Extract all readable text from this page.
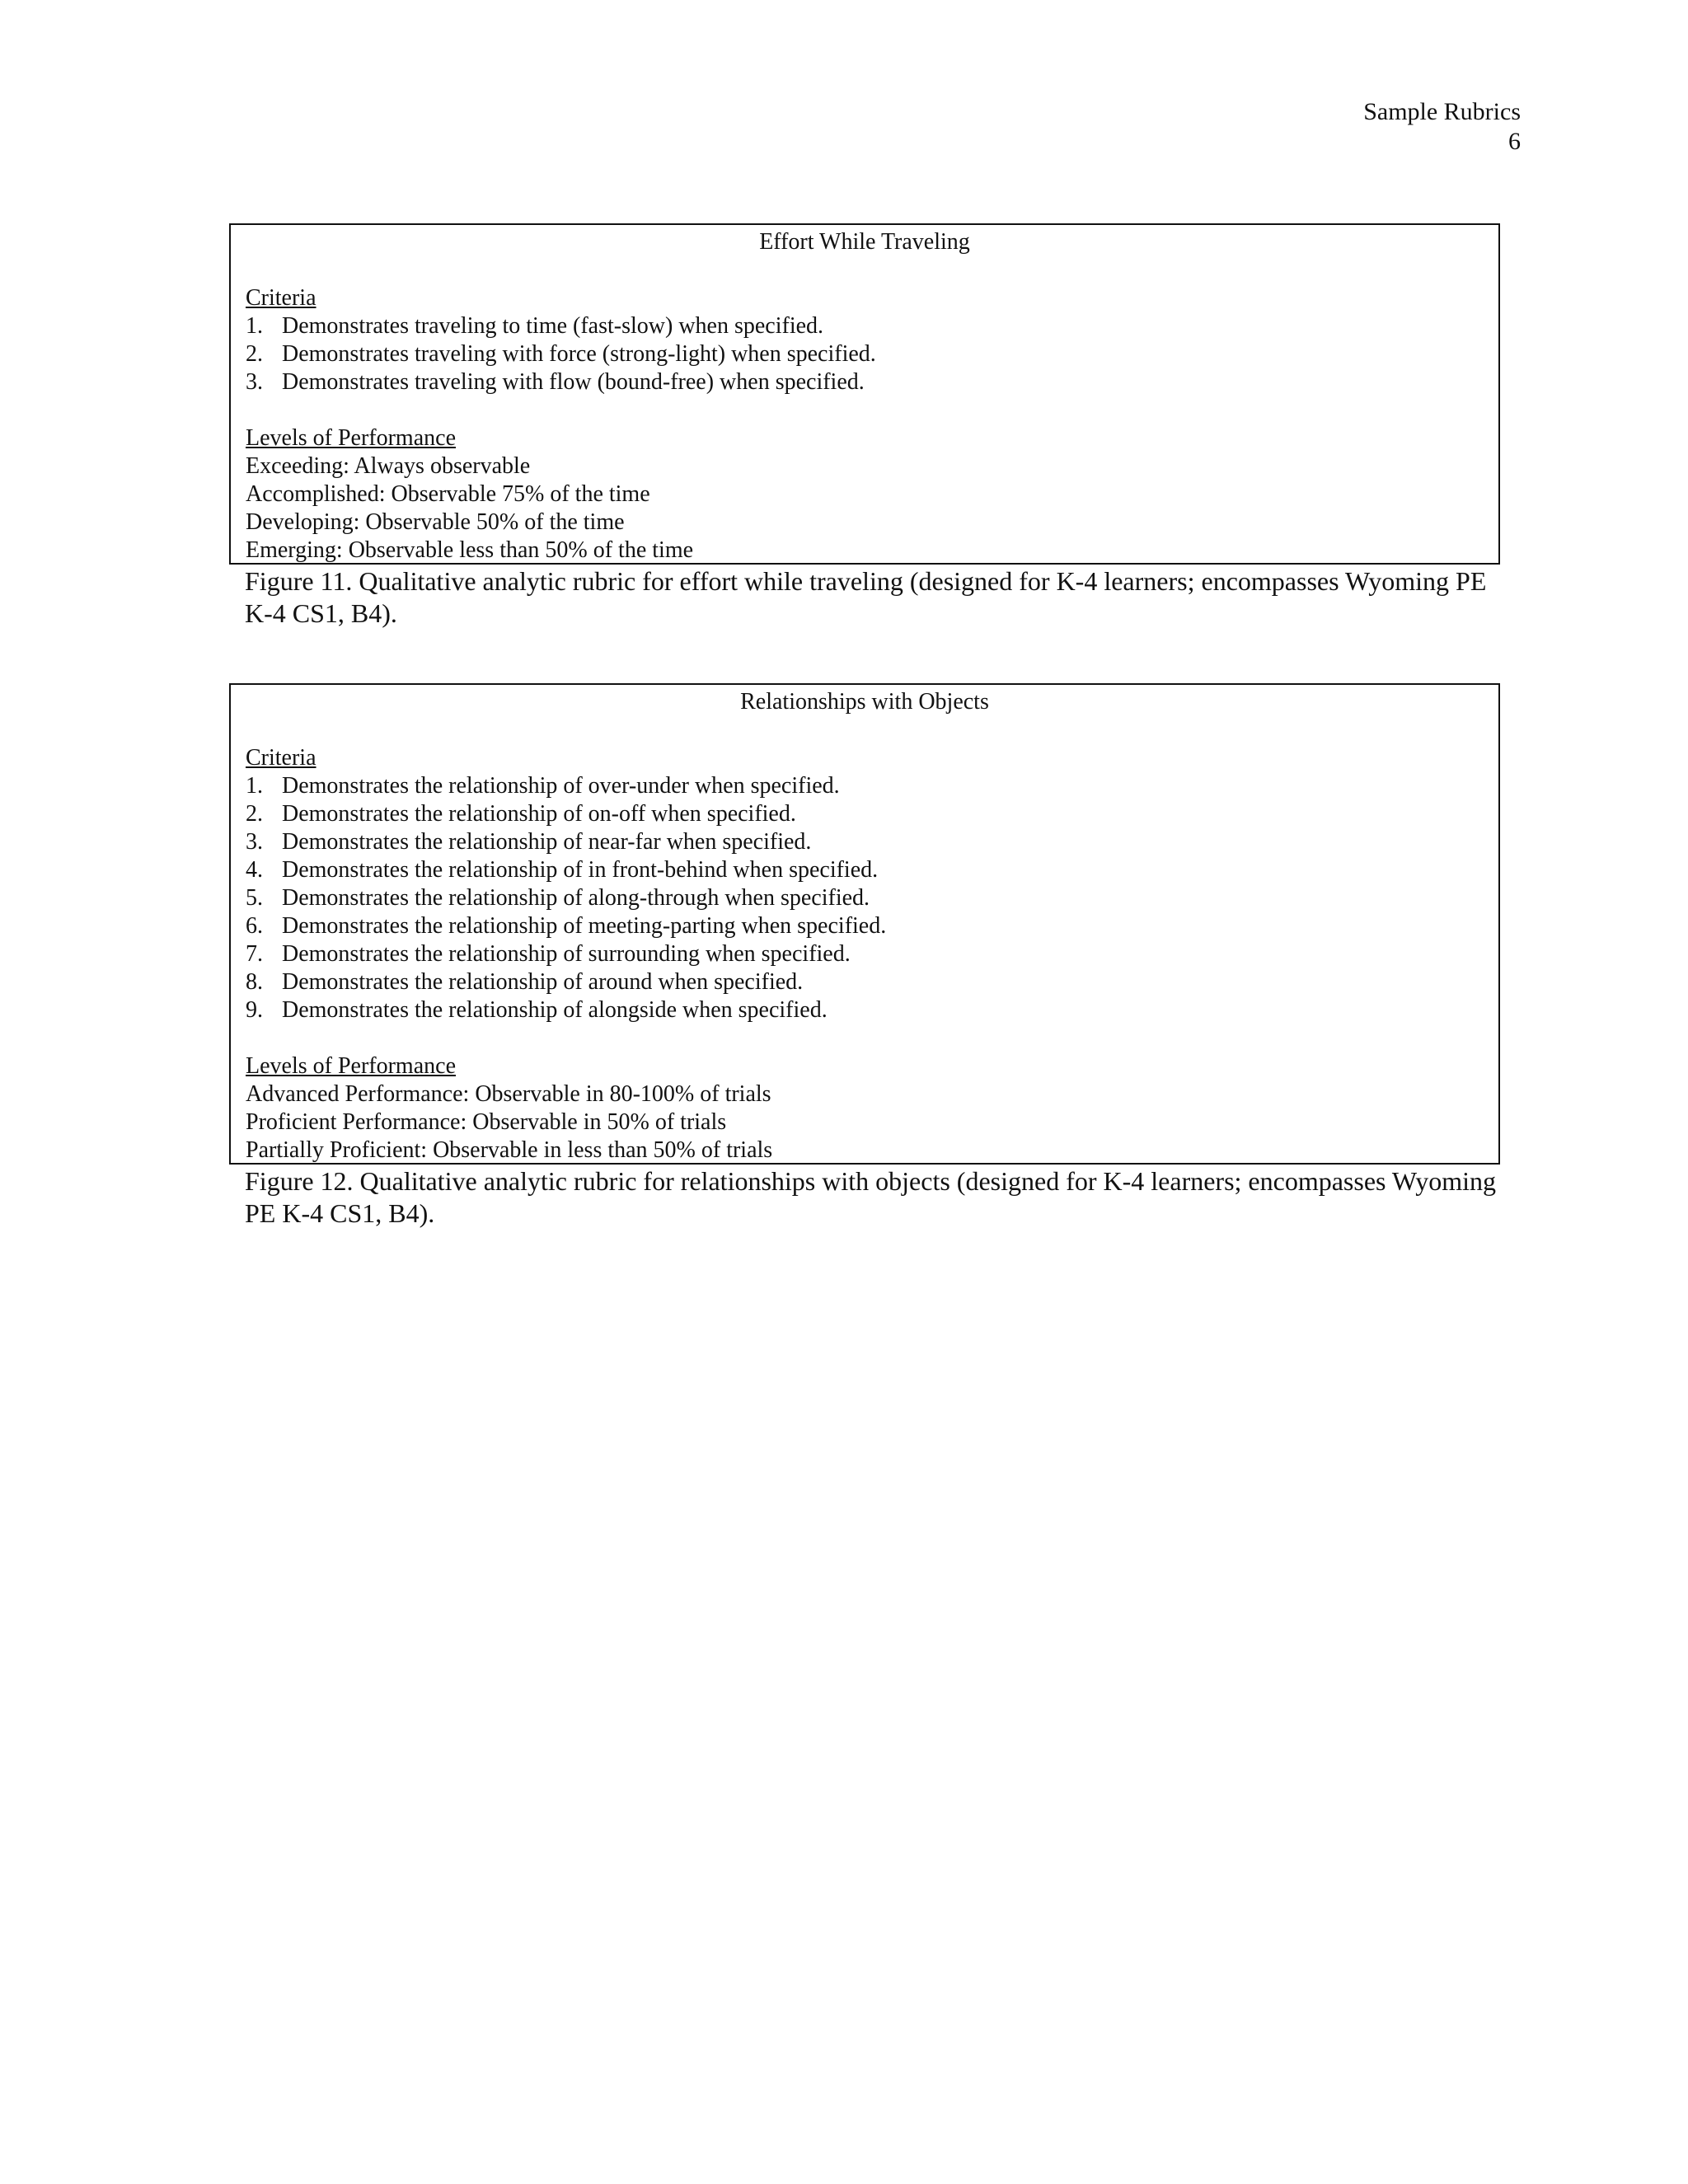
Sample Rubrics
6
Effort While Traveling
Criteria
1. Demonstrates traveling to time (fast-slow) when specified.
2. Demonstrates traveling with force (strong-light) when specified.
3. Demonstrates traveling with flow (bound-free) when specified.
Levels of Performance
Exceeding: Always observable
Accomplished: Observable 75% of the time
Developing: Observable 50% of the time
Emerging: Observable less than 50% of the time
Figure 11. Qualitative analytic rubric for effort while traveling (designed for K-4 learners; encompasses Wyoming PE K-4 CS1, B4).
Relationships with Objects
Criteria
1. Demonstrates the relationship of over-under when specified.
2. Demonstrates the relationship of on-off when specified.
3. Demonstrates the relationship of near-far when specified.
4. Demonstrates the relationship of in front-behind when specified.
5. Demonstrates the relationship of along-through when specified.
6. Demonstrates the relationship of meeting-parting when specified.
7. Demonstrates the relationship of surrounding when specified.
8. Demonstrates the relationship of around when specified.
9. Demonstrates the relationship of alongside when specified.
Levels of Performance
Advanced Performance: Observable in 80-100% of trials
Proficient Performance: Observable in 50% of trials
Partially Proficient: Observable in less than 50% of trials
Figure 12. Qualitative analytic rubric for relationships with objects (designed for K-4 learners; encompasses Wyoming PE K-4 CS1, B4).
